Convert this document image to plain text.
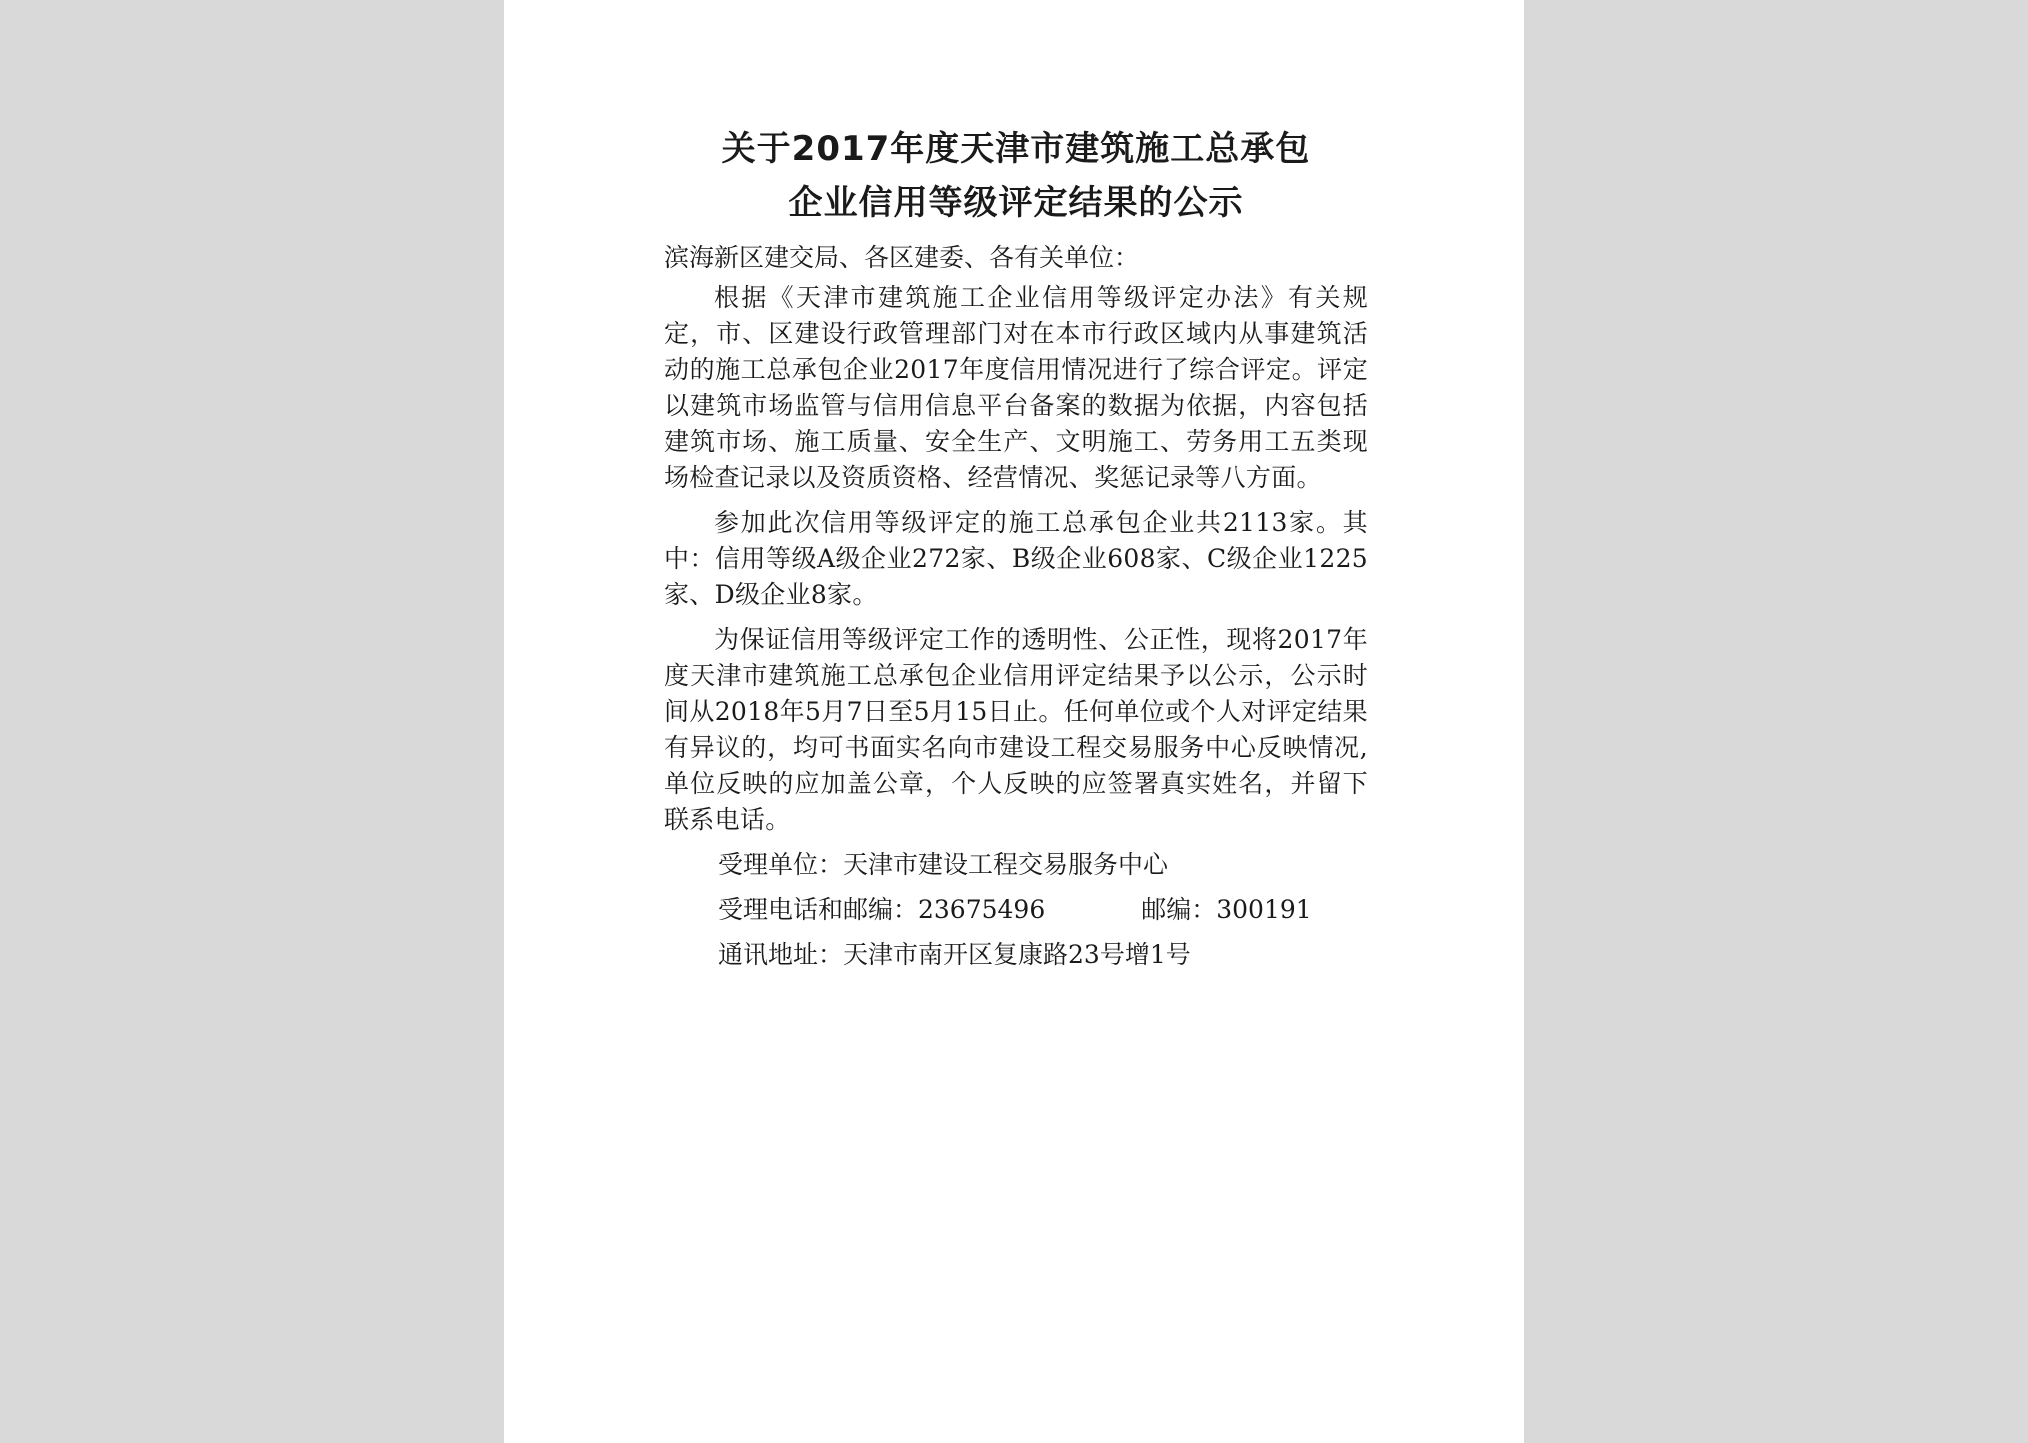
关于2017年度天津市建筑施工总承包
企业信用等级评定结果的公示
滨海新区建交局、各区建委、各有关单位：

根据《天津市建筑施工企业信用等级评定办法》有关规定，市、区建设行政管理部门对在本市行政区域内从事建筑活动的施工总承包企业2017年度信用情况进行了综合评定。评定以建筑市场监管与信用信息平台备案的数据为依据，内容包括建筑市场、施工质量、安全生产、文明施工、劳务用工五类现场检查记录以及资质资格、经营情况、奖惩记录等八方面。

参加此次信用等级评定的施工总承包企业共2113家。其中：信用等级A级企业272家、B级企业608家、C级企业1225家、D级企业8家。

为保证信用等级评定工作的透明性、公正性，现将2017年度天津市建筑施工总承包企业信用评定结果予以公示，公示时间从2018年5月7日至5月15日止。任何单位或个人对评定结果有异议的，均可书面实名向市建设工程交易服务中心反映情况,单位反映的应加盖公章，个人反映的应签署真实姓名，并留下联系电话。

受理单位：天津市建设工程交易服务中心
受理电话和邮编：23675496	邮编：300191
通讯地址：天津市南开区复康路23号增1号
